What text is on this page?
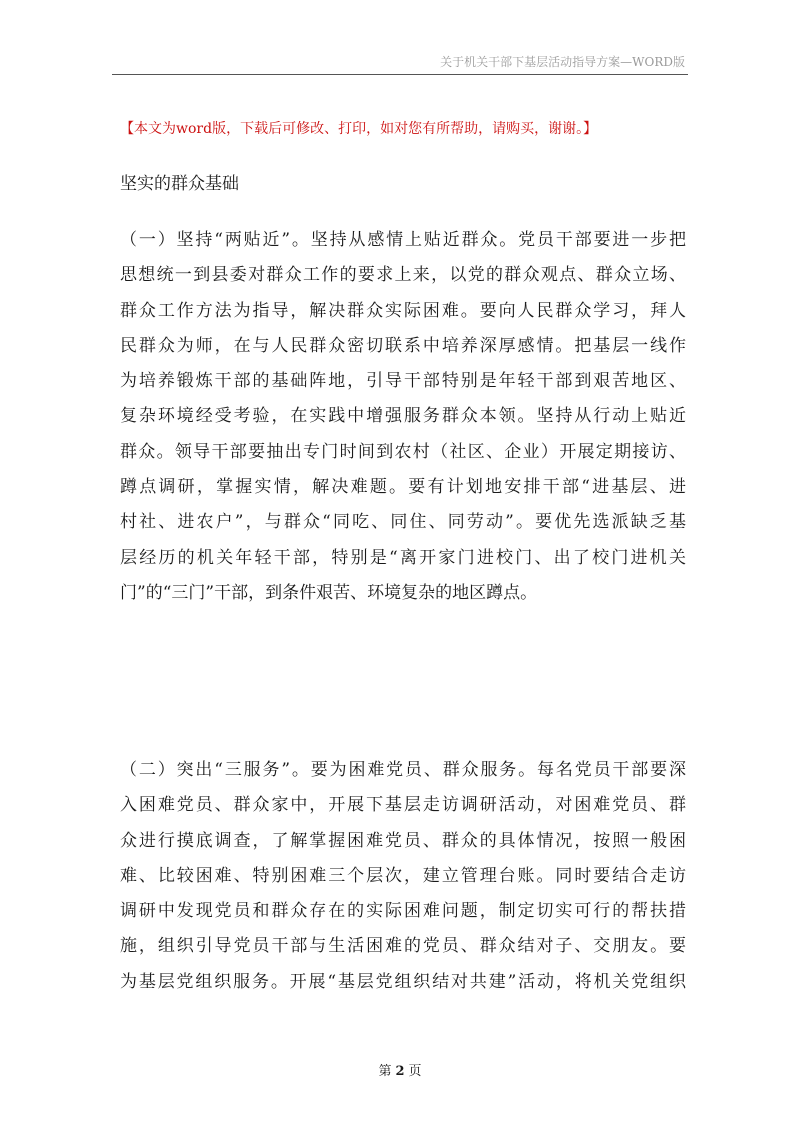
关于机关干部下基层活动指导方案—WORD版
【本文为word版，下载后可修改、打印，如对您有所帮助，请购买，谢谢。】
坚实的群众基础
（一）坚持“两贴近”。坚持从感情上贴近群众。党员干部要进一步把
思想统一到县委对群众工作的要求上来，以党的群众观点、群众立场、
群众工作方法为指导，解决群众实际困难。要向人民群众学习，拜人
民群众为师，在与人民群众密切联系中培养深厚感情。把基层一线作
为培养锻炼干部的基础阵地，引导干部特别是年轻干部到艰苦地区、
复杂环境经受考验，在实践中增强服务群众本领。坚持从行动上贴近
群众。领导干部要抽出专门时间到农村（社区、企业）开展定期接访、
蹲点调研，掌握实情，解决难题。要有计划地安排干部“进基层、进
村社、进农户”，与群众“同吃、同住、同劳动”。要优先选派缺乏基
层经历的机关年轻干部，特别是“离开家门进校门、出了校门进机关
门”的“三门”干部，到条件艰苦、环境复杂的地区蹲点。
（二）突出“三服务”。要为困难党员、群众服务。每名党员干部要深
入困难党员、群众家中，开展下基层走访调研活动，对困难党员、群
众进行摸底调查，了解掌握困难党员、群众的具体情况，按照一般困
难、比较困难、特别困难三个层次，建立管理台账。同时要结合走访
调研中发现党员和群众存在的实际困难问题，制定切实可行的帮扶措
施，组织引导党员干部与生活困难的党员、群众结对子、交朋友。要
为基层党组织服务。开展“基层党组织结对共建”活动，将机关党组织
第 2 页
